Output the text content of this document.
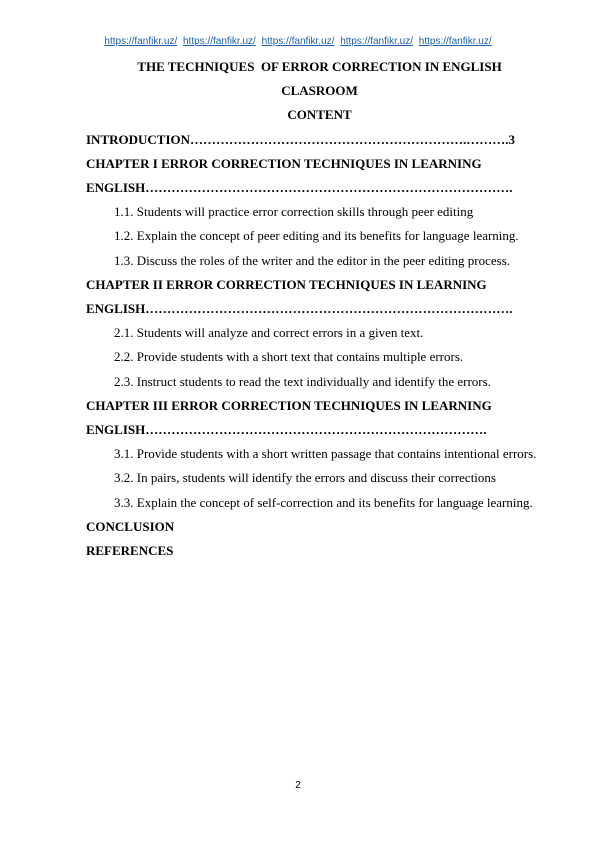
https://fanfikr.uz/ https://fanfikr.uz/ https://fanfikr.uz/ https://fanfikr.uz/ https://fanfikr.uz/

THE TECHNIQUES  OF ERROR CORRECTION IN ENGLISH

CLASROOM

CONTENT

INTRODUCTION……………………………………………………….……….3

CHAPTER I ERROR CORRECTION TECHNIQUES IN LEARNING

ENGLISH………………………………………………………………………….

1.1. Students will practice error correction skills through peer editing

1.2. Explain the concept of peer editing and its benefits for language learning.

1.3. Discuss the roles of the writer and the editor in the peer editing process.

CHAPTER II ERROR CORRECTION TECHNIQUES IN LEARNING

ENGLISH………………………………………………………………………….

2.1. Students will analyze and correct errors in a given text.

2.2. Provide students with a short text that contains multiple errors.

2.3. Instruct students to read the text individually and identify the errors.

CHAPTER III ERROR CORRECTION TECHNIQUES IN LEARNING

ENGLISH…………………………………………………………………….

3.1. Provide students with a short written passage that contains intentional errors.

3.2. In pairs, students will identify the errors and discuss their corrections

3.3. Explain the concept of self-correction and its benefits for language learning.

CONCLUSION

REFERENCES

2
